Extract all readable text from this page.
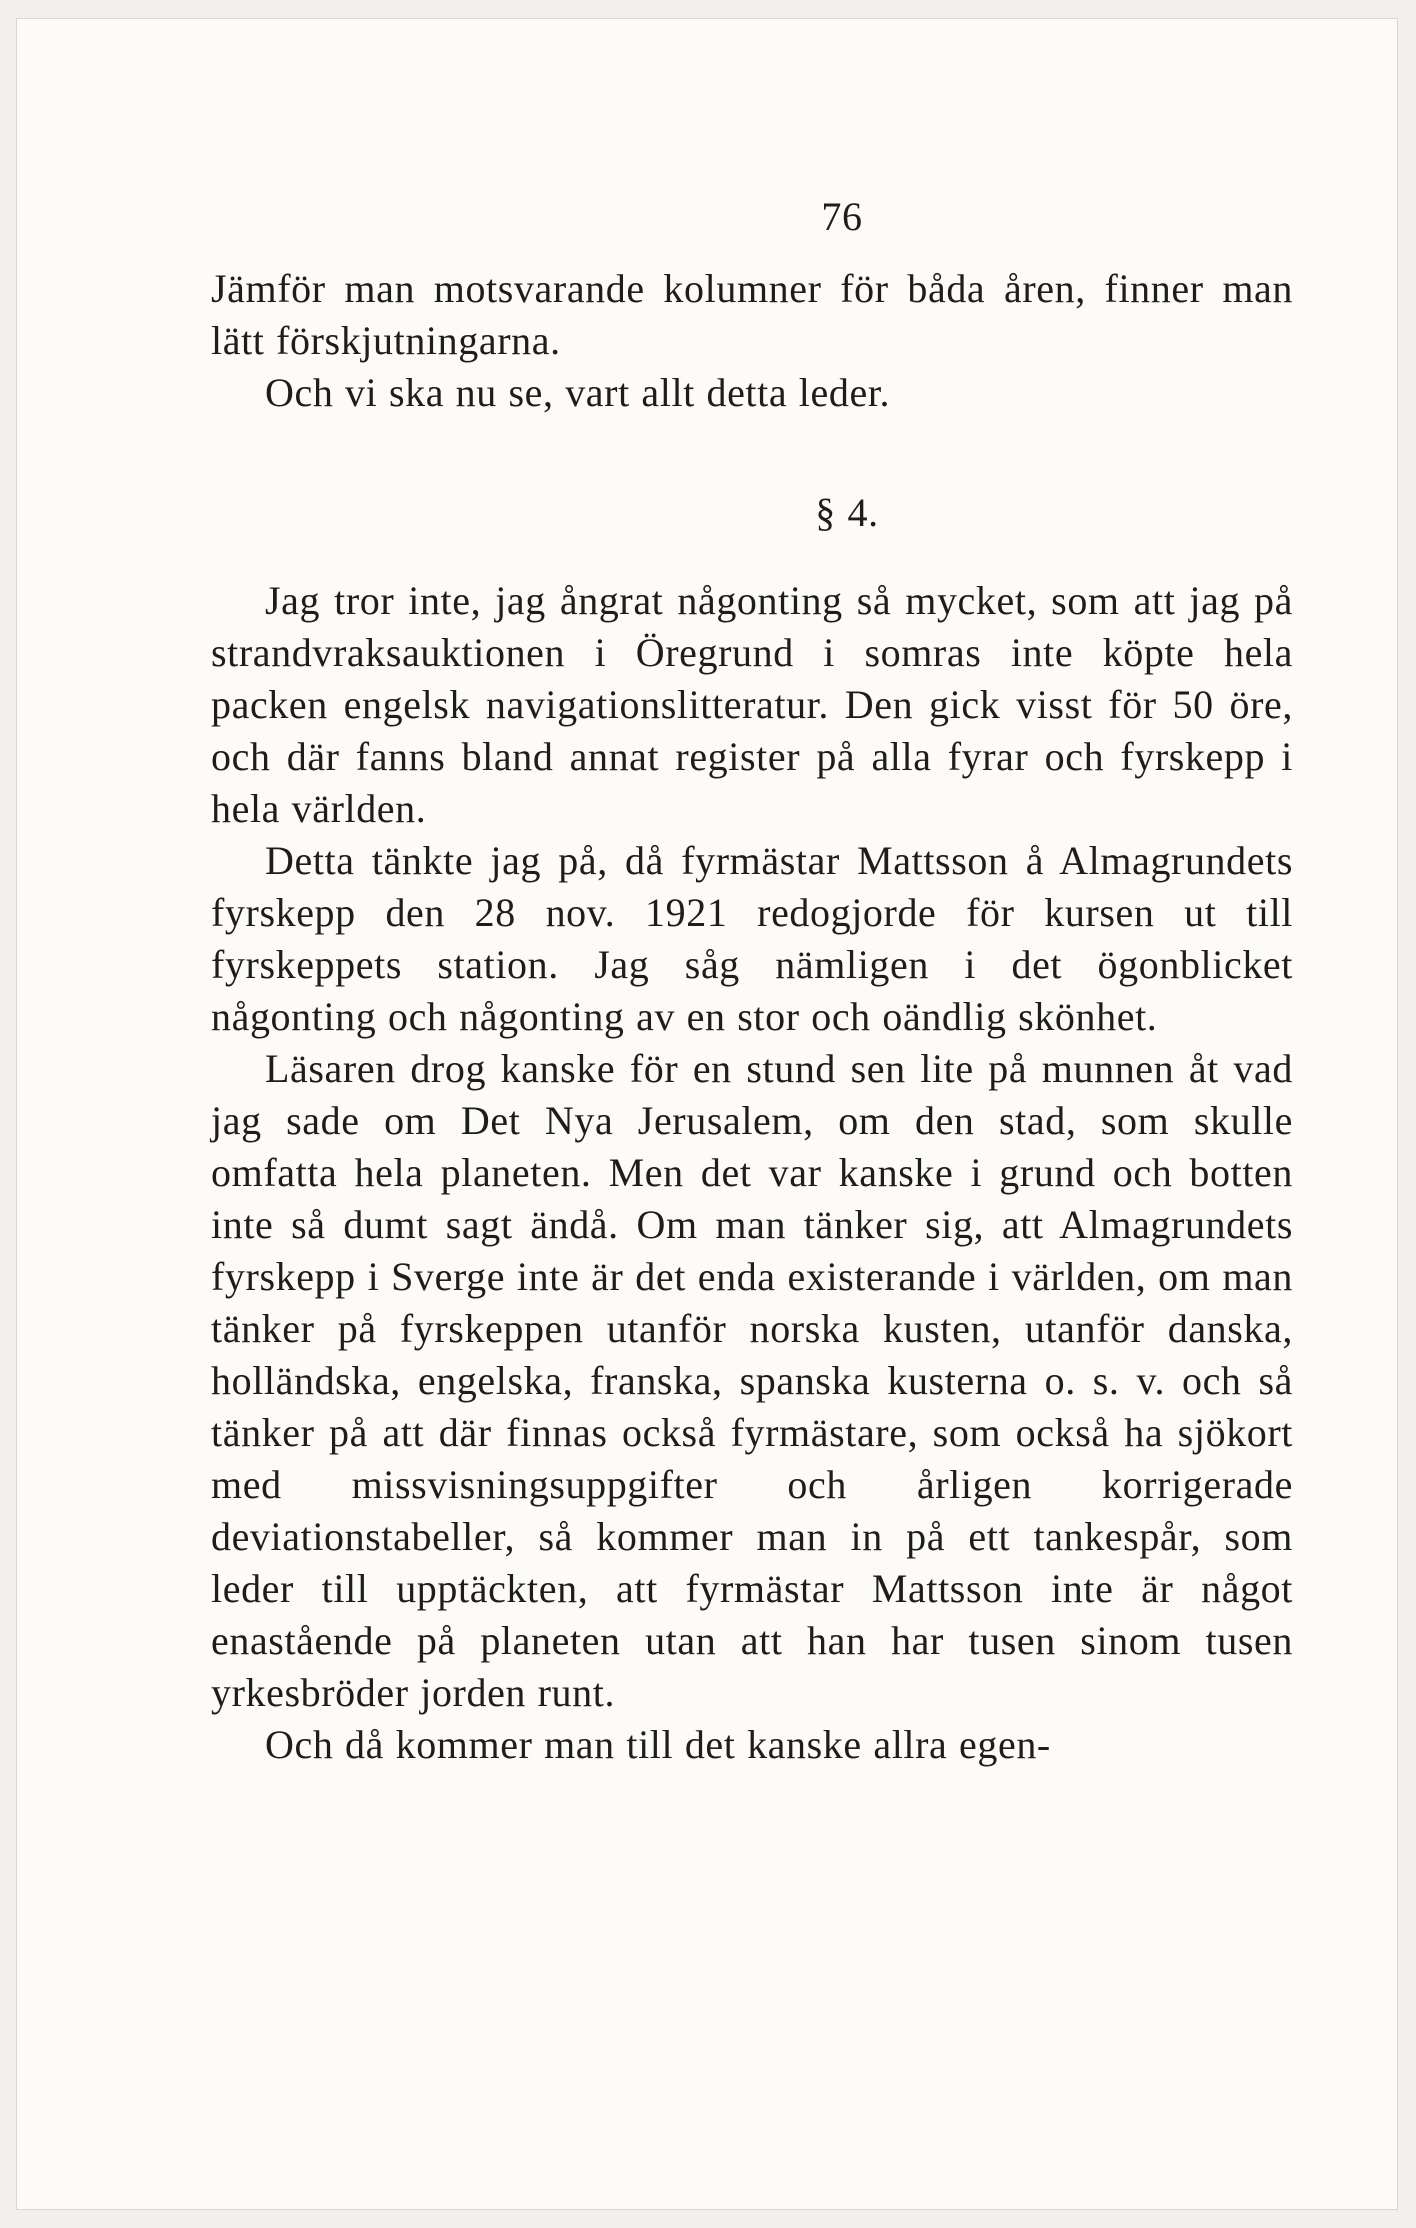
76

Jämför man motsvarande kolumner för båda åren, finner man lätt förskjutningarna.

Och vi ska nu se, vart allt detta leder.

§ 4.

Jag tror inte, jag ångrat någonting så mycket, som att jag på strandvraksauktionen i Öregrund i somras inte köpte hela packen engelsk navigationslitteratur. Den gick visst för 50 öre, och där fanns bland annat register på alla fyrar och fyrskepp i hela världen.

Detta tänkte jag på, då fyrmästar Mattsson å Almagrundets fyrskepp den 28 nov. 1921 redogjorde för kursen ut till fyrskeppets station. Jag såg nämligen i det ögonblicket någonting och någonting av en stor och oändlig skönhet.

Läsaren drog kanske för en stund sen lite på munnen åt vad jag sade om Det Nya Jerusalem, om den stad, som skulle omfatta hela planeten. Men det var kanske i grund och botten inte så dumt sagt ändå. Om man tänker sig, att Almagrundets fyrskepp i Sverge inte är det enda existerande i världen, om man tänker på fyrskeppen utanför norska kusten, utanför danska, holländska, engelska, franska, spanska kusterna o. s. v. och så tänker på att där finnas också fyrmästare, som också ha sjökort med missvisningsuppgifter och årligen korrigerade deviationstabeller, så kommer man in på ett tankespår, som leder till upptäckten, att fyrmästar Mattsson inte är något enastående på planeten utan att han har tusen sinom tusen yrkesbröder jorden runt.

Och då kommer man till det kanske allra egen-
